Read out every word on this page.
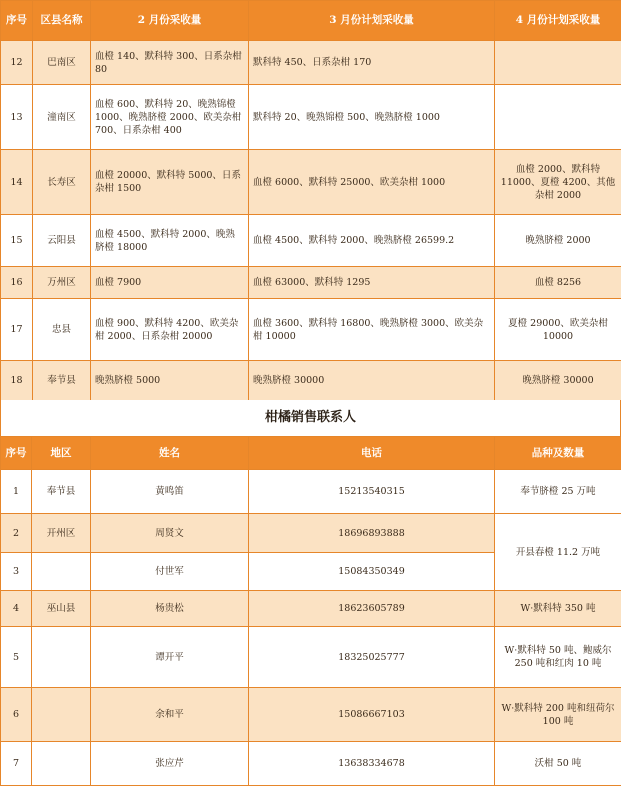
序号	区县名称	2 月份采收量	3 月份计划采收量	4 月份计划采收量
12	巴南区	血橙 140、默科特 300、日系杂柑 80	默科特 450、日系杂柑 170	
13	潼南区	血橙 600、默科特 20、晚熟锦橙 1000、晚熟脐橙 2000、欧美杂柑 700、日系杂柑 400	默科特 20、晚熟锦橙 500、晚熟脐橙 1000	
14	长寿区	血橙 20000、默科特 5000、日系杂柑 1500	血橙 6000、默科特 25000、欧美杂柑 1000	血橙 2000、默科特 11000、夏橙 4200、其他杂柑 2000
15	云阳县	血橙 4500、默科特 2000、晚熟脐橙 18000	血橙 4500、默科特 2000、晚熟脐橙 26599.2	晚熟脐橙 2000
16	万州区	血橙 7900	血橙 63000、默科特 1295	血橙 8256
17	忠县	血橙 900、默科特 4200、欧美杂柑 2000、日系杂柑 20000	血橙 3600、默科特 16800、晚熟脐橙 3000、欧美杂柑 10000	夏橙 29000、欧美杂柑 10000
18	奉节县	晚熟脐橙 5000	晚熟脐橙 30000	晚熟脐橙 30000
柑橘销售联系人
序号	地区	姓名	电话	品种及数量
1	奉节县	黄鸣笛	15213540315	奉节脐橙 25 万吨
2	开州区	周贤文	18696893888	开县春橙 11.2 万吨
3		付世军	15084350349	
4	巫山县	杨贵松	18623605789	W·默科特 350 吨
5		谭开平	18325025777	W·默科特 50 吨、鲍威尔 250 吨和红肉 10 吨
6		余和平	15086667103	W·默科特 200 吨和纽荷尔 100 吨
7		张应芹	13638334678	沃柑 50 吨
